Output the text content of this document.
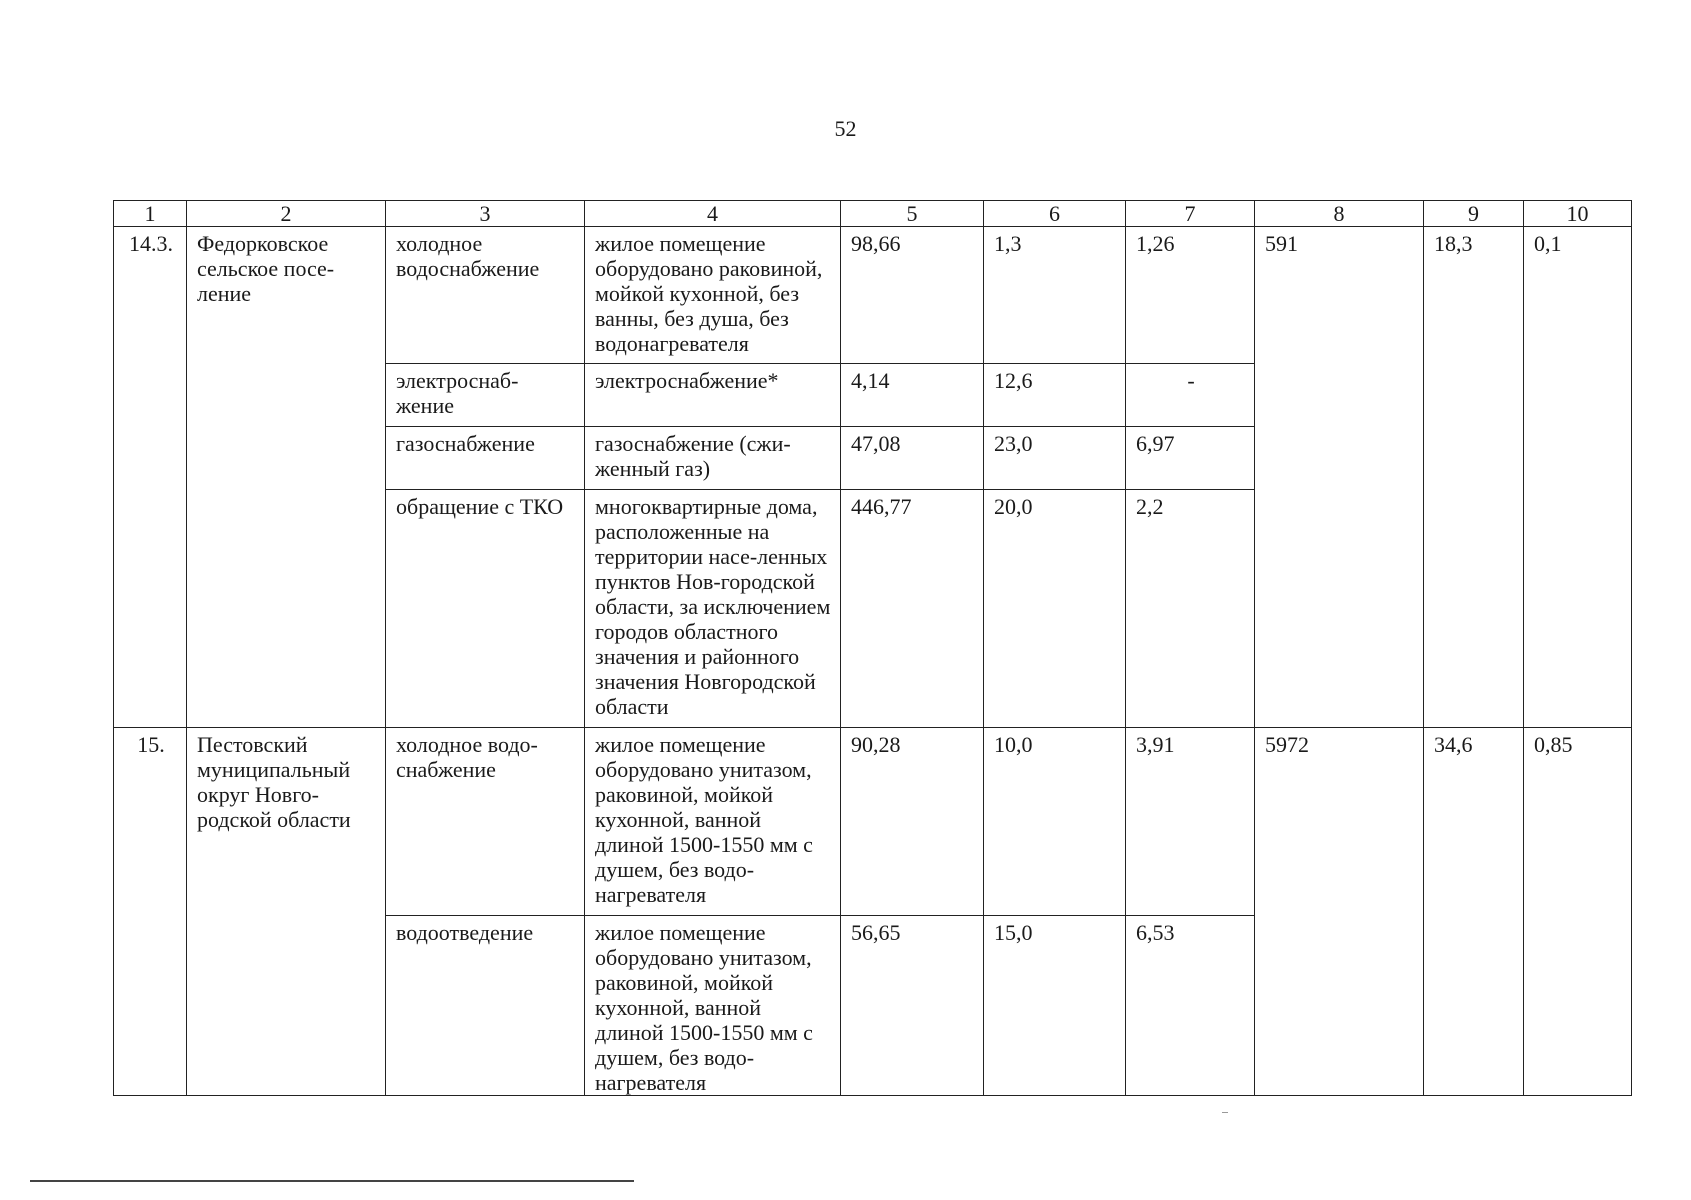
52
1	2	3	4	5	6	7	8	9	10
14.3.	Федорковское сельское посе-ление	холодное водоснабжение	жилое помещение оборудовано раковиной, мойкой кухонной, без ванны, без душа, без водонагревателя	98,66	1,3	1,26	591	18,3	0,1
		электроснаб-жение	электроснабжение*	4,14	12,6	-			
		газоснабжение	газоснабжение (сжи-женный газ)	47,08	23,0	6,97			
		обращение с ТКО	многоквартирные дома, расположенные на территории насе-ленных пунктов Нов-городской области, за исключением городов областного значения и районного значения Новгородской области	446,77	20,0	2,2			
15.	Пестовский муниципальный округ Новго-родской области	холодное водо-снабжение	жилое помещение оборудовано унитазом, раковиной, мойкой кухонной, ванной длиной 1500-1550 мм с душем, без водо-нагревателя	90,28	10,0	3,91	5972	34,6	0,85
		водоотведение	жилое помещение оборудовано унитазом, раковиной, мойкой кухонной, ванной длиной 1500-1550 мм с душем, без водо-нагревателя	56,65	15,0	6,53			
